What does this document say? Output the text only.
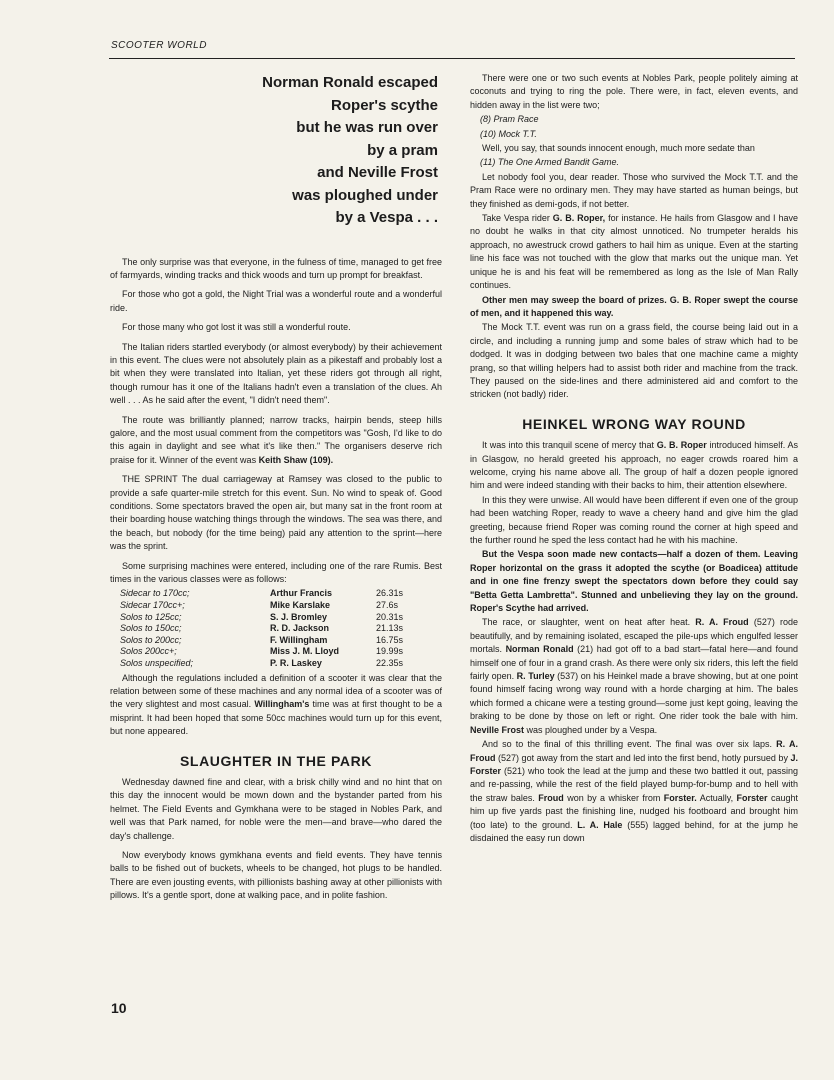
SCOOTER WORLD
Norman Ronald escaped
Roper's scythe
but he was run over
by a pram
and Neville Frost
was ploughed under
by a Vespa . . .

The only surprise was that everyone, in the fulness of time, managed to get free of farmyards, winding tracks and thick woods and turn up prompt for breakfast.

For those who got a gold, the Night Trial was a wonderful route and a wonderful ride.

For those many who got lost it was still a wonderful route.

The Italian riders startled everybody (or almost everybody) by their achievement in this event. The clues were not absolutely plain as a pikestaff and probably lost a bit when they were translated into Italian, yet these riders got through all right, though rumour has it one of the Italians hadn't even a translation of the clues. Ah well . . . As he said after the event, "I didn't need them".

The route was brilliantly planned; narrow tracks, hairpin bends, steep hills galore, and the most usual comment from the competitors was "Gosh, I'd like to do this again in daylight and see what it's like then." The organisers deserve rich praise for it. Winner of the event was Keith Shaw (109).

THE SPRINT The dual carriageway at Ramsey was closed to the public to provide a safe quarter-mile stretch for this event. Sun. No wind to speak of. Good conditions. Some spectators braved the open air, but many sat in the front room at their boarding house watching things through the windows. The sea was there, and the beach, but nobody (for the time being) paid any attention to the sprint—here was the sprint.

Some surprising machines were entered, including one of the rare Rumis. Best times in the various classes were as follows:

Sidecar to 170cc;	Arthur Francis	26.31s
Sidecar 170cc+;	Mike Karslake	27.6s
Solos to 125cc;	S. J. Bromley	20.31s
Solos to 150cc;	R. D. Jackson	21.13s
Solos to 200cc;	F. Willingham	16.75s
Solos 200cc+;	Miss J. M. Lloyd	19.99s
Solos unspecified;	P. R. Laskey	22.35s

Although the regulations included a definition of a scooter it was clear that the relation between some of these machines and any normal idea of a scooter was of the very slightest and most casual. Willingham's time was at first thought to be a misprint. It had been hoped that some 50cc machines would turn up for this event, but none appeared.

SLAUGHTER IN THE PARK

Wednesday dawned fine and clear, with a brisk chilly wind and no hint that on this day the innocent would be mown down and the bystander parted from his helmet. The Field Events and Gymkhana were to be staged in Nobles Park, and well was that Park named, for noble were the men—and brave—who dared the day's challenge.

Now everybody knows gymkhana events and field events. They have tennis balls to be fished out of buckets, wheels to be changed, hot plugs to be handled. There are even jousting events, with pillionists bashing away at other pillionists with pillows. It's a gentle sport, done at walking pace, and in polite fashion.

There were one or two such events at Nobles Park, people politely aiming at coconuts and trying to ring the pole. There were, in fact, eleven events, and hidden away in the list were two;

(8) Pram Race

(10) Mock T.T.

Well, you say, that sounds innocent enough, much more sedate than

(11) The One Armed Bandit Game.

Let nobody fool you, dear reader. Those who survived the Mock T.T. and the Pram Race were no ordinary men. They may have started as human beings, but they finished as demi-gods, if not better.

Take Vespa rider G. B. Roper, for instance. He hails from Glasgow and I have no doubt he walks in that city almost unnoticed. No trumpeter heralds his approach, no awestruck crowd gathers to hail him as unique. Even at the starting line his face was not touched with the glow that marks out the unique man. Yet unique he is and his feat will be remembered as long as the Isle of Man Rally continues.

Other men may sweep the board of prizes. G. B. Roper swept the course of men, and it happened this way.

The Mock T.T. event was run on a grass field, the course being laid out in a circle, and including a running jump and some bales of straw which had to be dodged. It was in dodging between two bales that one machine came a mighty prang, so that willing helpers had to assist both rider and machine from the track. They paused on the side-lines and there administered aid and comfort to the stricken (not badly) rider.

HEINKEL WRONG WAY ROUND

It was into this tranquil scene of mercy that G. B. Roper introduced himself. As in Glasgow, no herald greeted his approach, no eager crowds roared him a welcome, crying his name above all. The group of half a dozen people ignored him and were indeed standing with their backs to him, their attention elsewhere.

In this they were unwise. All would have been different if even one of the group had been watching Roper, ready to wave a cheery hand and give him the glad greeting, because friend Roper was coming round the corner at high speed and the further round he sped the less contact had he with his machine.

But the Vespa soon made new contacts—half a dozen of them. Leaving Roper horizontal on the grass it adopted the scythe (or Boadicea) attitude and in one fine frenzy swept the spectators down before they could say "Betta Getta Lambretta". Stunned and unbelieving they lay on the ground. Roper's Scythe had arrived.

The race, or slaughter, went on heat after heat. R. A. Froud (527) rode beautifully, and by remaining isolated, escaped the pile-ups which engulfed lesser mortals. Norman Ronald (21) had got off to a bad start—fatal here—and found himself one of four in a grand crash. As there were only six riders, this left the field fairly open. R. Turley (537) on his Heinkel made a brave showing, but at one point found himself facing wrong way round with a horde charging at him. The bales which formed a chicane were a testing ground—some just kept going, leaving the braking to be done by those on left or right. One rider took the bale with him. Neville Frost was ploughed under by a Vespa.

And so to the final of this thrilling event. The final was over six laps. R. A. Froud (527) got away from the start and led into the first bend, hotly pursued by J. Forster (521) who took the lead at the jump and these two battled it out, passing and re-passing, while the rest of the field played bump-for-bump and to hell with the straw bales. Froud won by a whisker from Forster. Actually, Forster caught him up five yards past the finishing line, nudged his footboard and brought him (too late) to the ground. L. A. Hale (555) lagged behind, for at the jump he disdained the easy run down

10
